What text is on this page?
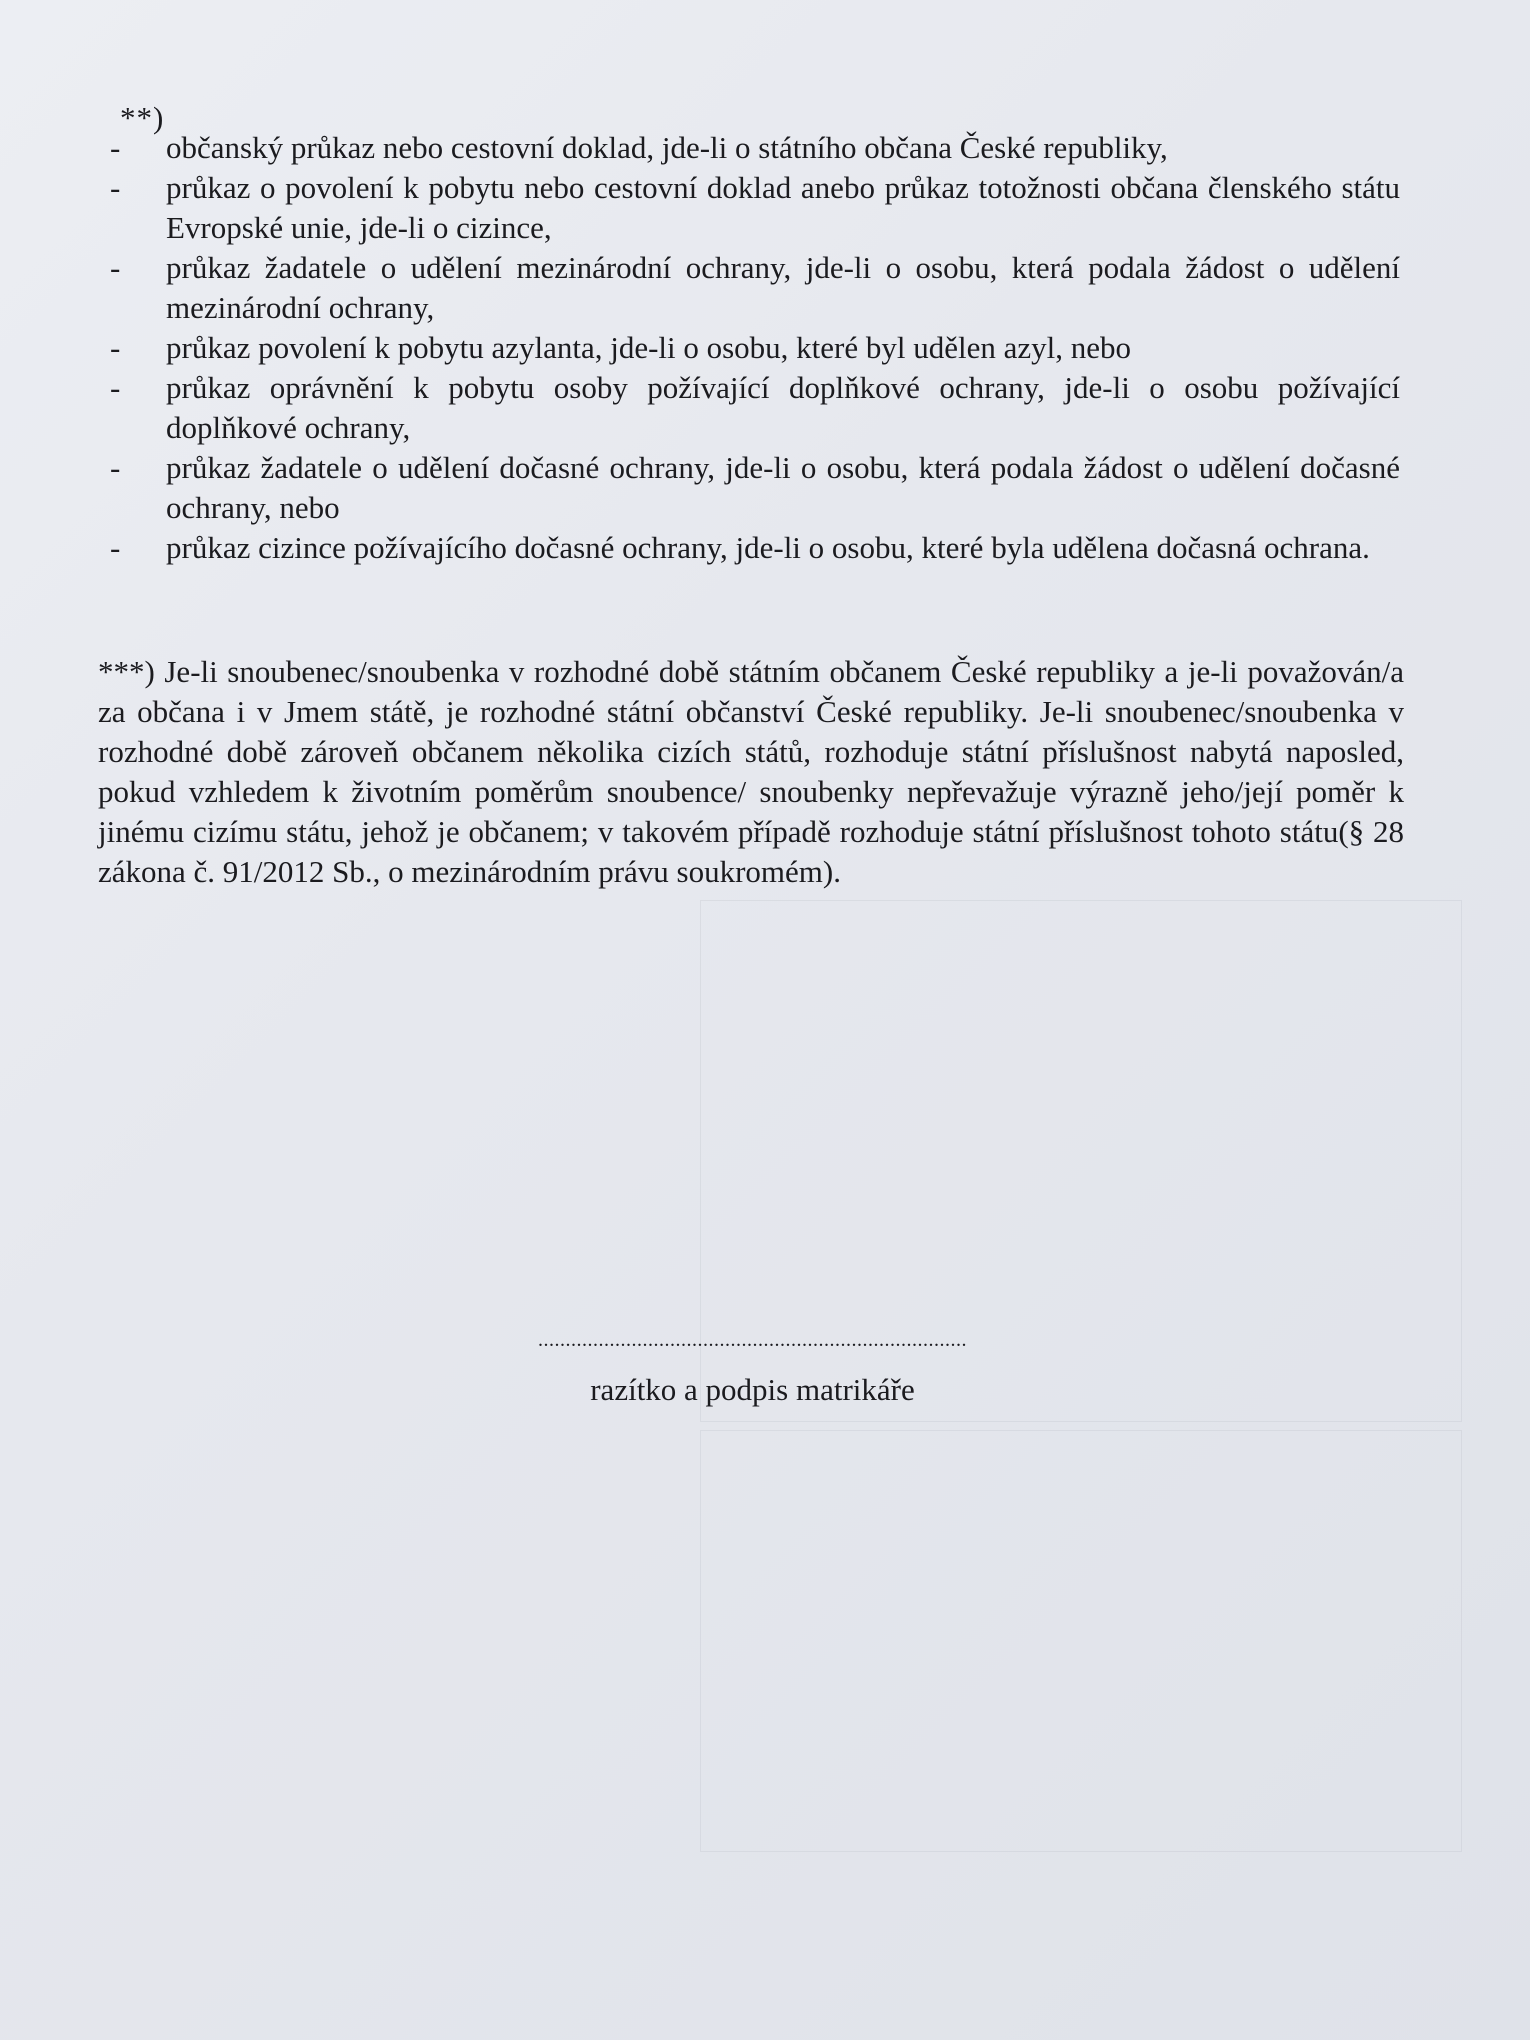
**)
-	občanský průkaz nebo cestovní doklad, jde-li o státního občana České republiky,
-	průkaz o povolení k pobytu nebo cestovní doklad anebo průkaz totožnosti občana členského státu Evropské unie, jde-li o cizince,
-	průkaz žadatele o udělení mezinárodní ochrany, jde-li o osobu, která podala žádost o udělení mezinárodní ochrany,
-	průkaz povolení k pobytu azylanta, jde-li o osobu, které byl udělen azyl, nebo
-	průkaz oprávnění k pobytu osoby požívající doplňkové ochrany, jde-li o osobu požívající doplňkové ochrany,
-	průkaz žadatele o udělení dočasné ochrany, jde-li o osobu, která podala žádost o udělení dočasné ochrany, nebo
-	průkaz cizince požívajícího dočasné ochrany, jde-li o osobu, které byla udělena dočasná ochrana.

***) Je-li snoubenec/snoubenka v rozhodné době státním občanem České republiky a je-li považován/a za občana i v Jmem státě, je rozhodné státní občanství České republiky. Je-li snoubenec/snoubenka v rozhodné době zároveň občanem několika cizích států, rozhoduje státní příslušnost nabytá naposled, pokud vzhledem k životním poměrům snoubence/ snoubenky nepřevažuje výrazně jeho/její poměr k jinému cizímu státu, jehož je občanem; v takovém případě rozhoduje státní příslušnost tohoto státu(§ 28 zákona č. 91/2012 Sb., o mezinárodním právu soukromém).

..............................................................................
razítko a podpis matrikáře
